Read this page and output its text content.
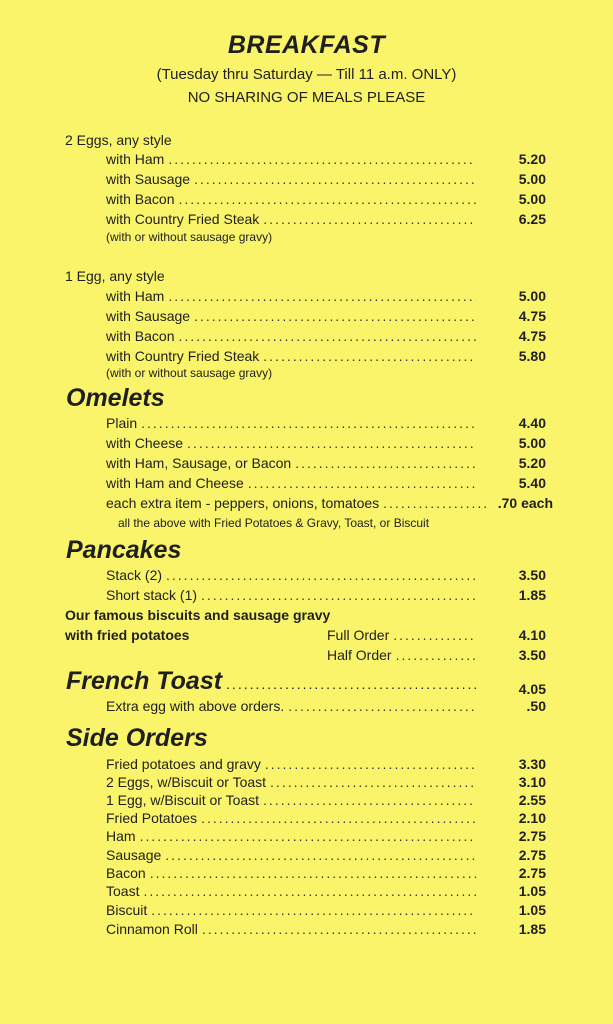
BREAKFAST
(Tuesday thru Saturday — Till 11 a.m. ONLY)
NO SHARING OF MEALS PLEASE
2 Eggs, any style
with Ham .....	5.20
with Sausage .....	5.00
with Bacon .....	5.00
with Country Fried Steak .....	6.25
(with or without sausage gravy)
1 Egg, any style
with Ham .....	5.00
with Sausage .....	4.75
with Bacon .....	4.75
with Country Fried Steak .....	5.80
(with or without sausage gravy)
Omelets
Plain .....	4.40
with Cheese .....	5.00
with Ham, Sausage, or Bacon .....	5.20
with Ham and Cheese .....	5.40
each extra item - peppers, onions, tomatoes .....	.70 each
all the above with Fried Potatoes & Gravy, Toast, or Biscuit
Pancakes
Stack (2) .....	3.50
Short stack (1) .....	1.85
Our famous biscuits and sausage gravy
with fried potatoes	Full Order .....	4.10
Half Order .....	3.50
French Toast .....	4.05
Extra egg with above orders. .....	.50
Side Orders
Fried potatoes and gravy .....	3.30
2 Eggs, w/Biscuit or Toast .....	3.10
1 Egg, w/Biscuit or Toast .....	2.55
Fried Potatoes .....	2.10
Ham .....	2.75
Sausage .....	2.75
Bacon .....	2.75
Toast .....	1.05
Biscuit .....	1.05
Cinnamon Roll .....	1.85
